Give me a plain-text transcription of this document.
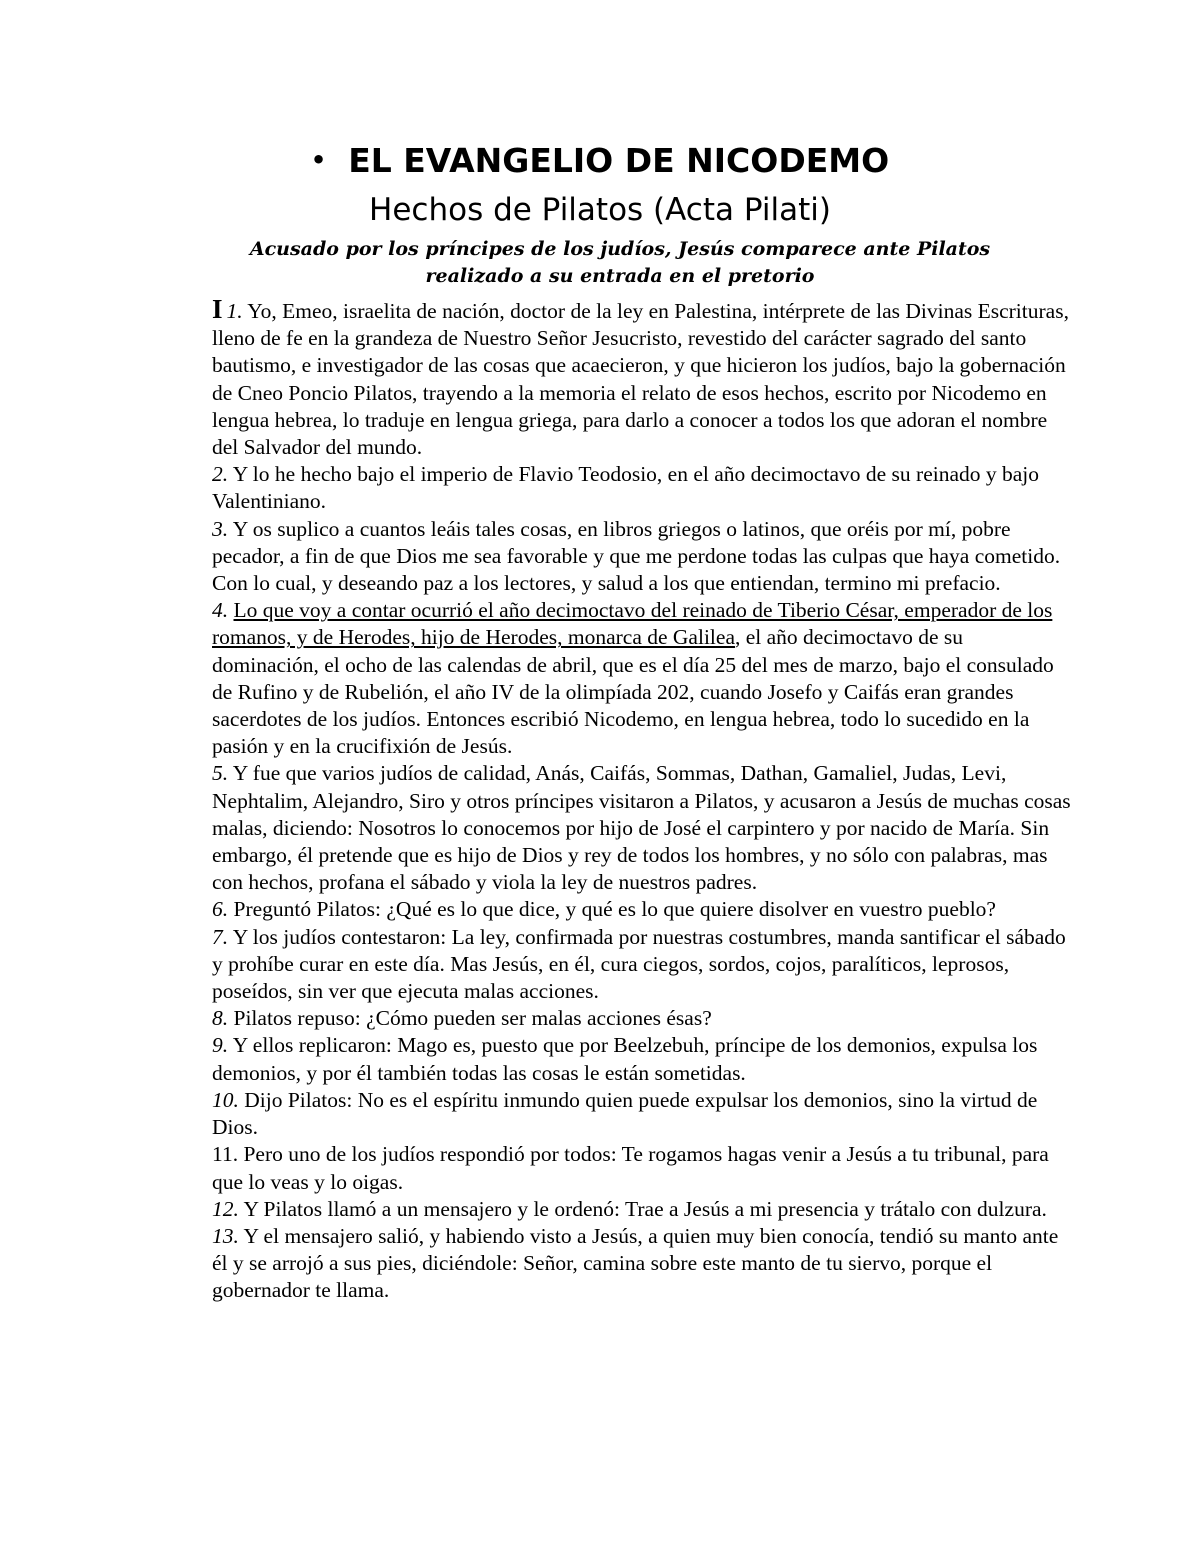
• EL EVANGELIO DE NICODEMO
Hechos de Pilatos (Acta Pilati)
Acusado por los príncipes de los judíos, Jesús comparece ante Pilatos realizado a su entrada en el pretorio

I 1. Yo, Emeo, israelita de nación, doctor de la ley en Palestina, intérprete de las Divinas Escrituras, lleno de fe en la grandeza de Nuestro Señor Jesucristo, revestido del carácter sagrado del santo bautismo, e investigador de las cosas que acaecieron, y que hicieron los judíos, bajo la gobernación de Cneo Poncio Pilatos, trayendo a la memoria el relato de esos hechos, escrito por Nicodemo en lengua hebrea, lo traduje en lengua griega, para darlo a conocer a todos los que adoran el nombre del Salvador del mundo.

2. Y lo he hecho bajo el imperio de Flavio Teodosio, en el año decimoctavo de su reinado y bajo Valentiniano.

3. Y os suplico a cuantos leáis tales cosas, en libros griegos o latinos, que oréis por mí, pobre pecador, a fin de que Dios me sea favorable y que me perdone todas las culpas que haya cometido. Con lo cual, y deseando paz a los lectores, y salud a los que entiendan, termino mi prefacio.

4. Lo que voy a contar ocurrió el año decimoctavo del reinado de Tiberio César, emperador de los romanos, y de Herodes, hijo de Herodes, monarca de Galilea, el año decimoctavo de su dominación, el ocho de las calendas de abril, que es el día 25 del mes de marzo, bajo el consulado de Rufino y de Rubelión, el año IV de la olimpíada 202, cuando Josefo y Caifás eran grandes sacerdotes de los judíos. Entonces escribió Nicodemo, en lengua hebrea, todo lo sucedido en la pasión y en la crucifixión de Jesús.

5. Y fue que varios judíos de calidad, Anás, Caifás, Sommas, Dathan, Gamaliel, Judas, Levi, Nephtalim, Alejandro, Siro y otros príncipes visitaron a Pilatos, y acusaron a Jesús de muchas cosas malas, diciendo: Nosotros lo conocemos por hijo de José el carpintero y por nacido de María. Sin embargo, él pretende que es hijo de Dios y rey de todos los hombres, y no sólo con palabras, mas con hechos, profana el sábado y viola la ley de nuestros padres.

6. Preguntó Pilatos: ¿Qué es lo que dice, y qué es lo que quiere disolver en vuestro pueblo?

7. Y los judíos contestaron: La ley, confirmada por nuestras costumbres, manda santificar el sábado y prohíbe curar en este día. Mas Jesús, en él, cura ciegos, sordos, cojos, paralíticos, leprosos, poseídos, sin ver que ejecuta malas acciones.

8. Pilatos repuso: ¿Cómo pueden ser malas acciones ésas?

9. Y ellos replicaron: Mago es, puesto que por Beelzebuh, príncipe de los demonios, expulsa los demonios, y por él también todas las cosas le están sometidas.

10. Dijo Pilatos: No es el espíritu inmundo quien puede expulsar los demonios, sino la virtud de Dios.

11. Pero uno de los judíos respondió por todos: Te rogamos hagas venir a Jesús a tu tribunal, para que lo veas y lo oigas.

12. Y Pilatos llamó a un mensajero y le ordenó: Trae a Jesús a mi presencia y trátalo con dulzura.

13. Y el mensajero salió, y habiendo visto a Jesús, a quien muy bien conocía, tendió su manto ante él y se arrojó a sus pies, diciéndole: Señor, camina sobre este manto de tu siervo, porque el gobernador te llama.
